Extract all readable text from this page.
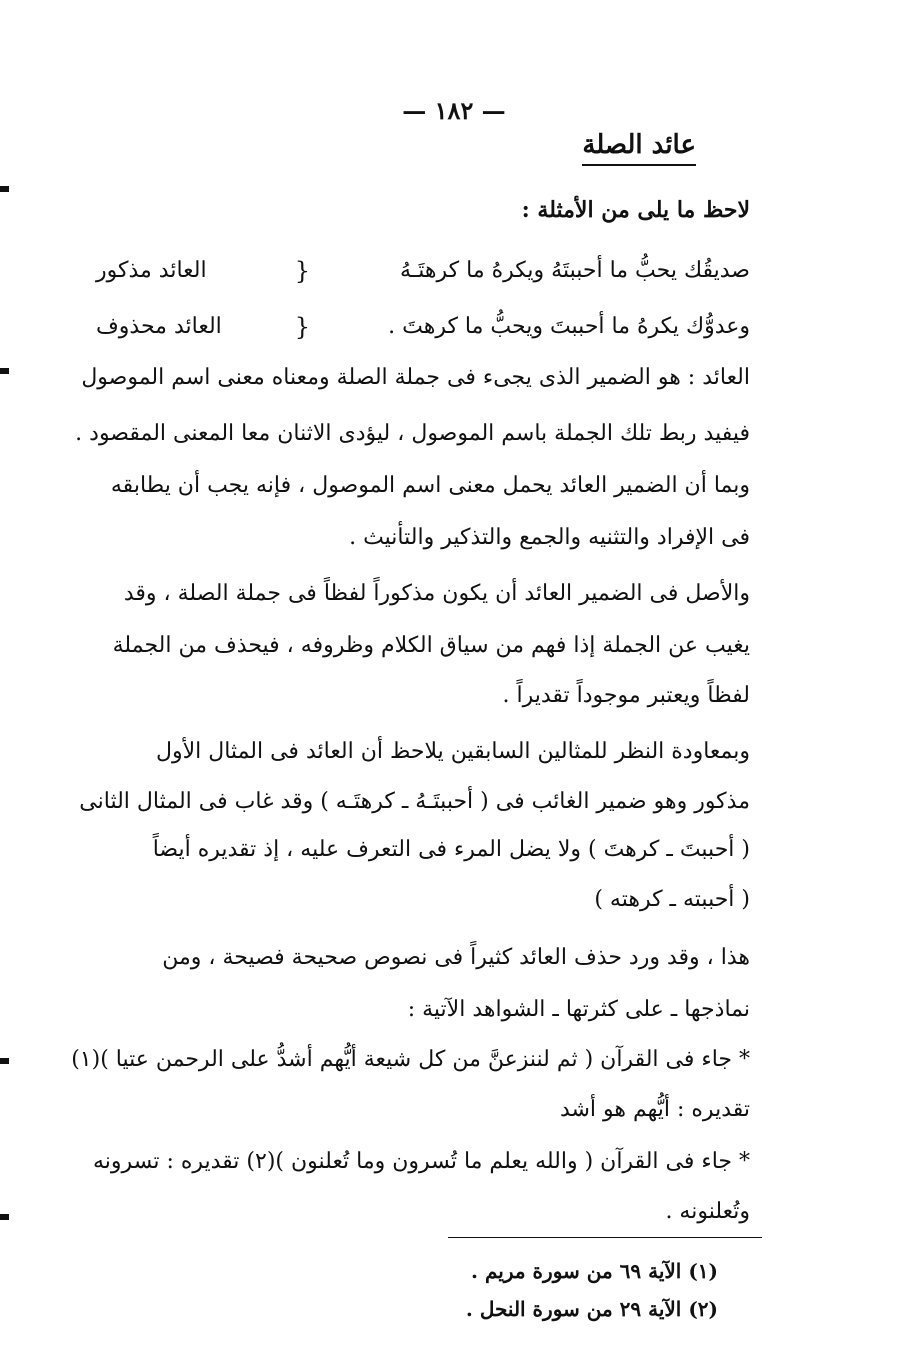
— ١٨٢ —
عائد الصلة
لاحظ ما يلى من الأمثلة :
صديقُك يحبُّ ما أحببتَهُ ويكرهُ ما كرهتَـهُ
{
العائد مذكور
وعدوُّك يكرهُ ما أحببتَ ويحبُّ ما كرهتَ .
{
العائد محذوف
العائد : هو الضمير الذى يجىء فى جملة الصلة ومعناه معنى اسم الموصول
فيفيد ربط تلك الجملة باسم الموصول ، ليؤدى الاثنان معا المعنى المقصود .
وبما أن الضمير العائد يحمل معنى اسم الموصول ، فإنه يجب أن يطابقه
فى الإفراد والتثنيه والجمع والتذكير والتأنيث .
والأصل فى الضمير العائد أن يكون مذكوراً لفظاً فى جملة الصلة ، وقد
يغيب عن الجملة إذا فهم من سياق الكلام وظروفه ، فيحذف من الجملة
لفظاً ويعتبر موجوداً تقديراً .
وبمعاودة النظر للمثالين السابقين يلاحظ أن العائد فى المثال الأول
مذكور وهو ضمير الغائب فى ( أحببتَـهُ ـ كرهتَـه ) وقد غاب فى المثال الثانى
( أحببتَ ـ كرهتَ ) ولا يضل المرء فى التعرف عليه ، إذ تقديره أيضاً
( أحببته ـ كرهته )
هذا ، وقد ورد حذف العائد كثيراً فى نصوص صحيحة فصيحة ، ومن
نماذجها ـ على كثرتها ـ الشواهد الآتية :
* جاء فى القرآن ( ثم لننزعنَّ من كل شيعة أيُّهم أشدُّ على الرحمن عتيا )(١)
تقديره : أيُّهم هو أشد
* جاء فى القرآن ( والله يعلم ما تُسرون وما تُعلنون )(٢) تقديره : تسرونه
وتُعلنونه .
(١) الآية ٦٩ من سورة مريم .
(٢) الآية ٢٩ من سورة النحل .
